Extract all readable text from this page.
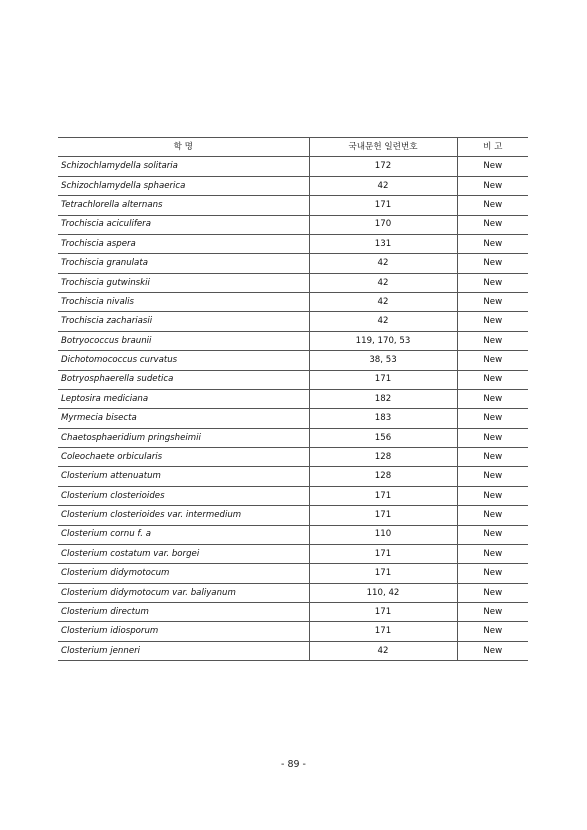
학 명	국내문헌 일련번호	비 고
Schizochlamydella solitaria	172	New
Schizochlamydella sphaerica	42	New
Tetrachlorella alternans	171	New
Trochiscia aciculifera	170	New
Trochiscia aspera	131	New
Trochiscia granulata	42	New
Trochiscia gutwinskii	42	New
Trochiscia nivalis	42	New
Trochiscia zachariasii	42	New
Botryococcus braunii	119, 170, 53	New
Dichotomococcus curvatus	38, 53	New
Botryosphaerella sudetica	171	New
Leptosira mediciana	182	New
Myrmecia bisecta	183	New
Chaetosphaeridium pringsheimii	156	New
Coleochaete orbicularis	128	New
Closterium attenuatum	128	New
Closterium closterioides	171	New
Closterium closterioides var. intermedium	171	New
Closterium cornu f. a	110	New
Closterium costatum var. borgei	171	New
Closterium didymotocum	171	New
Closterium didymotocum var. baliyanum	110, 42	New
Closterium directum	171	New
Closterium idiosporum	171	New
Closterium jenneri	42	New
- 89 -
